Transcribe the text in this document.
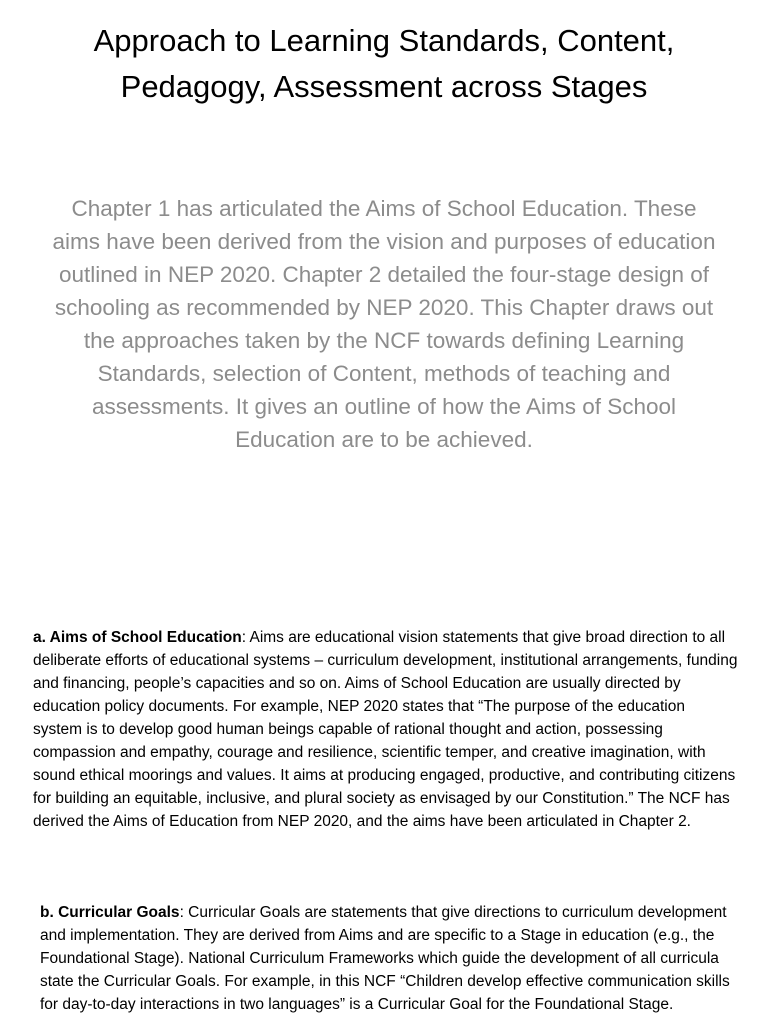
Approach to Learning Standards, Content, Pedagogy, Assessment across Stages

Chapter 1 has articulated the Aims of School Education. These aims have been derived from the vision and purposes of education outlined in NEP 2020. Chapter 2 detailed the four-stage design of schooling as recommended by NEP 2020. This Chapter draws out the approaches taken by the NCF towards defining Learning Standards, selection of Content, methods of teaching and assessments. It gives an outline of how the Aims of School Education are to be achieved.

a. Aims of School Education: Aims are educational vision statements that give broad direction to all deliberate efforts of educational systems – curriculum development, institutional arrangements, funding and financing, people’s capacities and so on. Aims of School Education are usually directed by education policy documents. For example, NEP 2020 states that “The purpose of the education system is to develop good human beings capable of rational thought and action, possessing compassion and empathy, courage and resilience, scientific temper, and creative imagination, with sound ethical moorings and values. It aims at producing engaged, productive, and contributing citizens for building an equitable, inclusive, and plural society as envisaged by our Constitution.” The NCF has derived the Aims of Education from NEP 2020, and the aims have been articulated in Chapter 2.

b. Curricular Goals: Curricular Goals are statements that give directions to curriculum development and implementation. They are derived from Aims and are specific to a Stage in education (e.g., the Foundational Stage). National Curriculum Frameworks which guide the development of all curricula state the Curricular Goals. For example, in this NCF “Children develop effective communication skills for day-to-day interactions in two languages” is a Curricular Goal for the Foundational Stage.
